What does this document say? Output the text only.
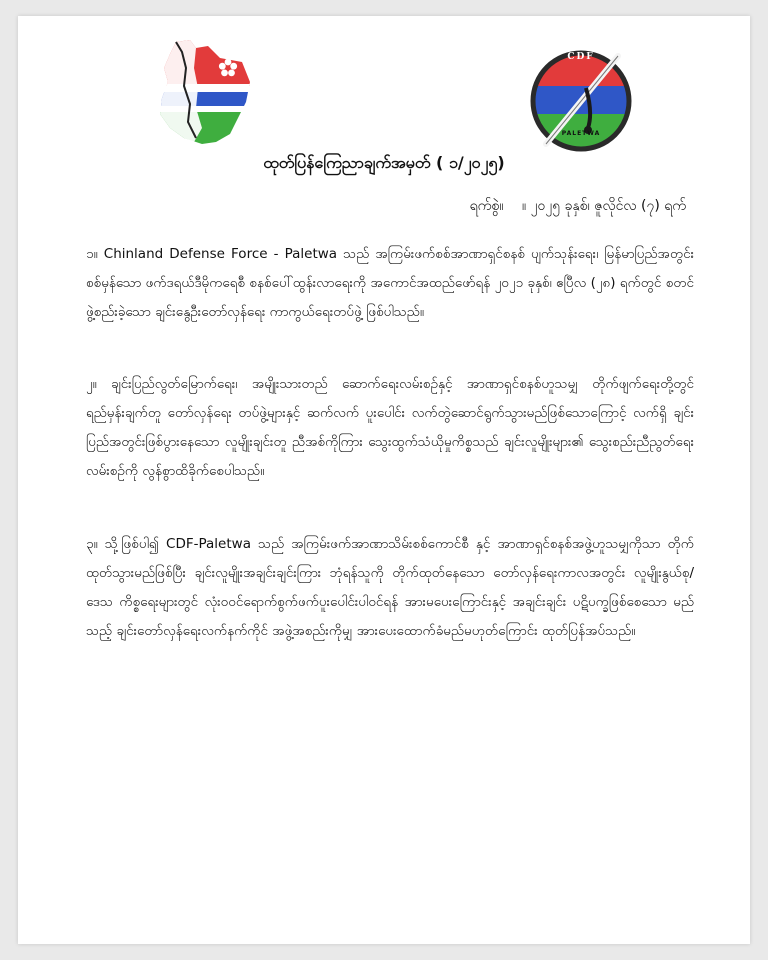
CDF
PALETWA
ထုတ်ပြန်ကြေညာချက်အမှတ် ( ၁/၂၀၂၅)
ရက်စွဲ။ ။ ၂၀၂၅ ခုနှစ်၊ ဇူလိုင်လ (၇) ရက်
၁။ Chinland Defense Force - Paletwa သည် အကြမ်းဖက်စစ်အာဏာရှင်စနစ် ပျက်သုန်းရေး၊ မြန်မာပြည်အတွင်း စစ်မှန်သော ဖက်ဒရယ်ဒီမိုကရေစီ စနစ်ပေါ်ထွန်းလာရေးကို အကောင်အထည်ဖော်ရန် ၂၀၂၁ ခုနှစ်၊ ဧပြီလ (၂၈) ရက်တွင် စတင်ဖွဲ့စည်းခဲ့သော ချင်းနွေဦးတော်လှန်ရေး ကာကွယ်ရေးတပ်ဖွဲ့ ဖြစ်ပါသည်။
၂။ ချင်းပြည်လွတ်မြောက်ရေး၊ အမျိုးသားတည် ဆောက်ရေးလမ်းစဉ်နှင့် အာဏာရှင်စနစ်ဟူသမျှ တိုက်ဖျက်ရေးတို့တွင် ရည်မှန်းချက်တူ တော်လှန်ရေး တပ်ဖွဲ့များနှင့် ဆက်လက် ပူးပေါင်း လက်တွဲဆောင်ရွက်သွားမည်ဖြစ်သောကြောင့် လက်ရှိ ချင်းပြည်အတွင်းဖြစ်ပွားနေသော လူမျိုးချင်းတူ ညီအစ်ကိုကြား သွေးထွက်သံယိုမှုကိစ္စသည် ချင်းလူမျိုးများ၏ သွေးစည်းညီညွတ်ရေး လမ်းစဉ်ကို လွန်စွာထိခိုက်စေပါသည်။
၃။ သို့ဖြစ်ပါ၍ CDF-Paletwa သည် အကြမ်းဖက်အာဏာသိမ်းစစ်ကောင်စီ နှင့် အာဏာရှင်စနစ်အဖွဲ့ဟူသမျှကိုသာ တိုက်ထုတ်သွားမည်ဖြစ်ပြီး ချင်းလူမျိုးအချင်းချင်းကြား ဘုံရန်သူကို တိုက်ထုတ်နေသော တော်လှန်ရေးကာလအတွင်း လူမျိုးနွယ်စု/ဒေသ ကိစ္စရေးများတွင် လုံးဝဝင်ရောက်စွက်ဖက်ပူးပေါင်းပါဝင်ရန် အားမပေးကြောင်းနှင့် အချင်းချင်း ပဋိပက္ခဖြစ်စေသော မည်သည့် ချင်းတော်လှန်ရေးလက်နက်ကိုင် အဖွဲ့အစည်းကိုမျှ အားပေးထောက်ခံမည်မဟုတ်ကြောင်း ထုတ်ပြန်အပ်သည်။
